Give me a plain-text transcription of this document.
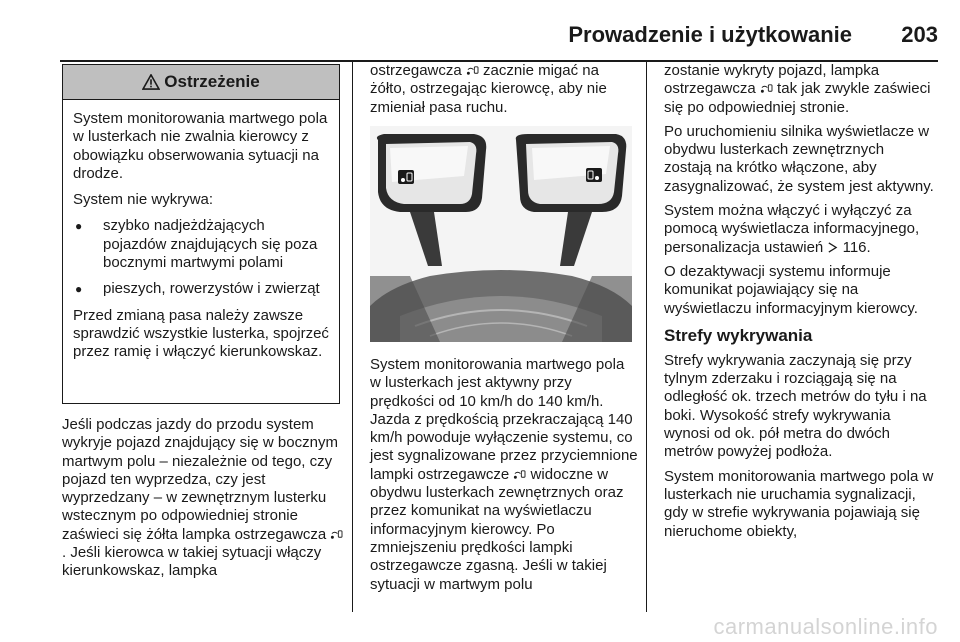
Prowadzenie i użytkowanie 203
Ostrzeżenie

System monitorowania martwego pola w lusterkach nie zwalnia kierowcy z obowiązku obserwowania sytuacji na drodze.

System nie wykrywa:

● szybko nadjeżdżających pojazdów znajdujących się poza bocznymi martwymi polami
● pieszych, rowerzystów i zwierząt

Przed zmianą pasa należy zawsze sprawdzić wszystkie lusterka, spojrzeć przez ramię i włączyć kierunkowskaz.

Jeśli podczas jazdy do przodu system wykryje pojazd znajdujący się w bocznym martwym polu – niezależnie od tego, czy pojazd ten wyprzedza, czy jest wyprzedzany – w zewnętrznym lusterku wstecznym po odpowiedniej stronie zaświeci się żółta lampka ostrzegawcza . Jeśli kierowca w takiej sytuacji włączy kierunkowskaz, lampka

ostrzegawcza  zacznie migać na żółto, ostrzegając kierowcę, aby nie zmieniał pasa ruchu.

System monitorowania martwego pola w lusterkach jest aktywny przy prędkości od 10 km/h do 140 km/h. Jazda z prędkością przekraczającą 140 km/h powoduje wyłączenie systemu, co jest sygnalizowane przez przyciemnione lampki ostrzegawcze  widoczne w obydwu lusterkach zewnętrznych oraz przez komunikat na wyświetlaczu informacyjnym kierowcy. Po zmniejszeniu prędkości lampki ostrzegawcze zgasną. Jeśli w takiej sytuacji w martwym polu

zostanie wykryty pojazd, lampka ostrzegawcza  tak jak zwykle zaświeci się po odpowiedniej stronie.

Po uruchomieniu silnika wyświetlacze w obydwu lusterkach zewnętrznych zostają na krótko włączone, aby zasygnalizować, że system jest aktywny.

System można włączyć i wyłączyć za pomocą wyświetlacza informacyjnego, personalizacja ustawień 116.

O dezaktywacji systemu informuje komunikat pojawiający się na wyświetlaczu informacyjnym kierowcy.

Strefy wykrywania

Strefy wykrywania zaczynają się przy tylnym zderzaku i rozciągają się na odległość ok. trzech metrów do tyłu i na boki. Wysokość strefy wykrywania wynosi od ok. pół metra do dwóch metrów powyżej podłoża.

System monitorowania martwego pola w lusterkach nie uruchamia sygnalizacji, gdy w strefie wykrywania pojawiają się nieruchome obiekty,

carmanualsonline.info
